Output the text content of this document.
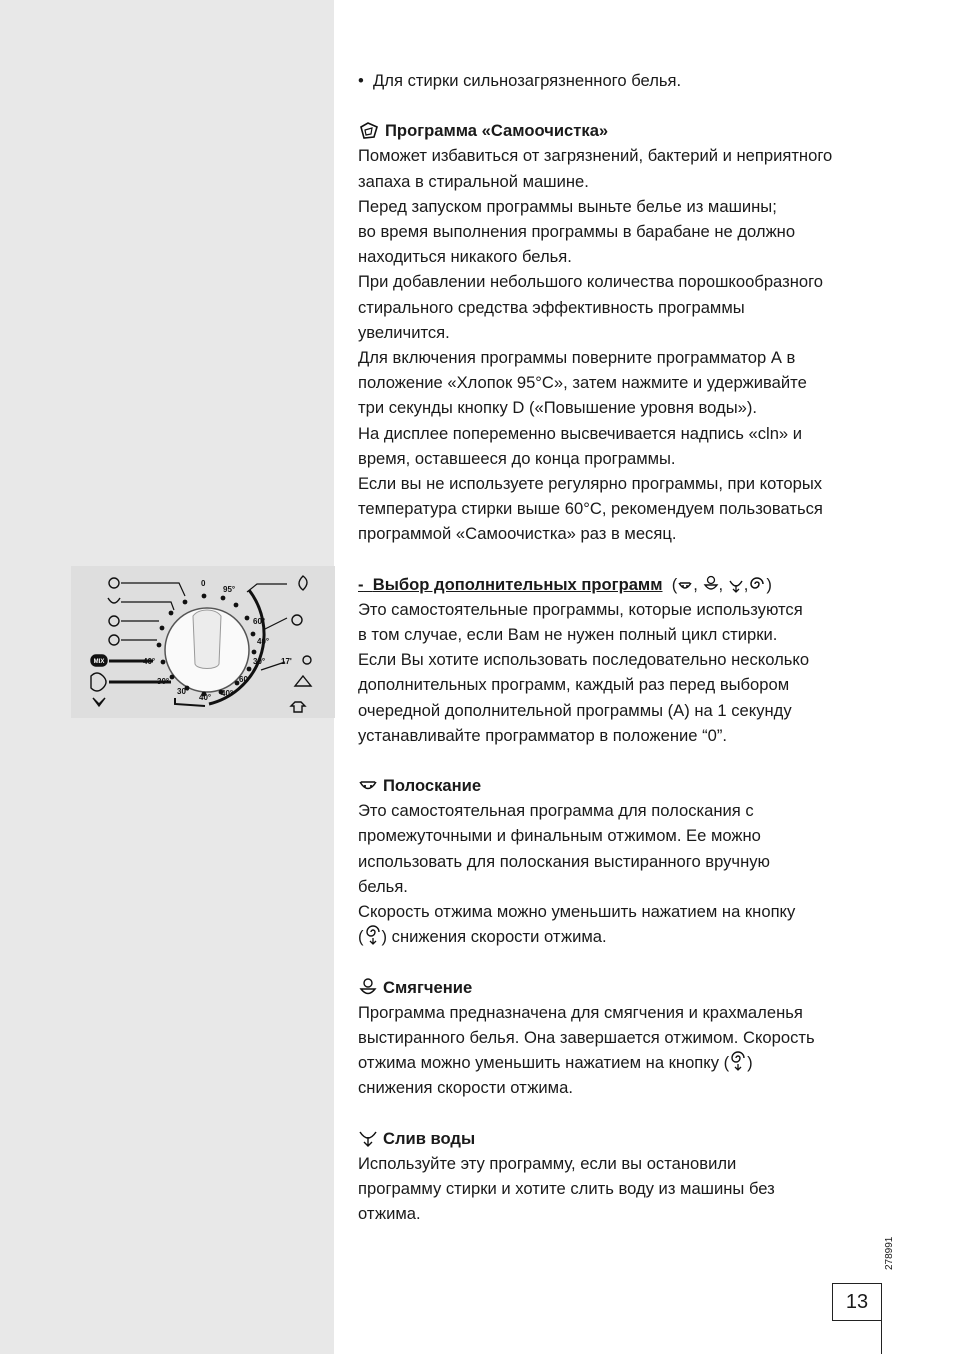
MIX
0
95°
60°
40°
30° 17'
60°
40°
40°
30°
40°
30°

• Для стирки сильнозагрязненного белья.

Программа «Самоочистка»

Поможет избавиться от загрязнений, бактерий и неприятного

запаха в стиральной машине.

Перед запуском программы выньте белье из машины;

во время выполнения программы в барабане не должно

находиться никакого белья.

При добавлении небольшого количества порошкообразного

стирального средства эффективность программы

увеличится.

Для включения программы поверните программатор А в

положение «Хлопок 95°C», затем нажмите и удерживайте

три секунды кнопку D («Повышение уровня воды»).

На дисплее попеременно высвечивается надпись «cln» и

время, оставшееся до конца программы.

Если вы не используете регулярно программы, при которых

температура стирки выше 60°C, рекомендуем пользоваться

программой «Самоочистка» раз в месяц.

- Выбор дополнительных программ ( , , , )

Это самостоятельные программы, которые используются

в том случае, если Вам не нужен полный цикл стирки.

Если Вы хотите использовать последовательно несколько

дополнительных программ, каждый раз перед выбором

очередной дополнительной программы (А) на 1 секунду

устанавливайте программатор в положение “0”.

Полоскание

Это самостоятельная программа для полоскания с

промежуточными и финальным отжимом. Ее можно

использовать для полоскания выстиранного вручную

белья.

Скорость отжима можно уменьшить нажатием на кнопку

( ) снижения скорости отжима.

Смягчение

Программа предназначена для смягчения и крахмаленья

выстиранного белья. Она завершается отжимом. Скорость

отжима можно уменьшить нажатием на кнопку ( )

снижения скорости отжима.

Слив воды

Используйте эту программу, если вы остановили

программу стирки и хотите слить воду из машины без

отжима.

278991
13
